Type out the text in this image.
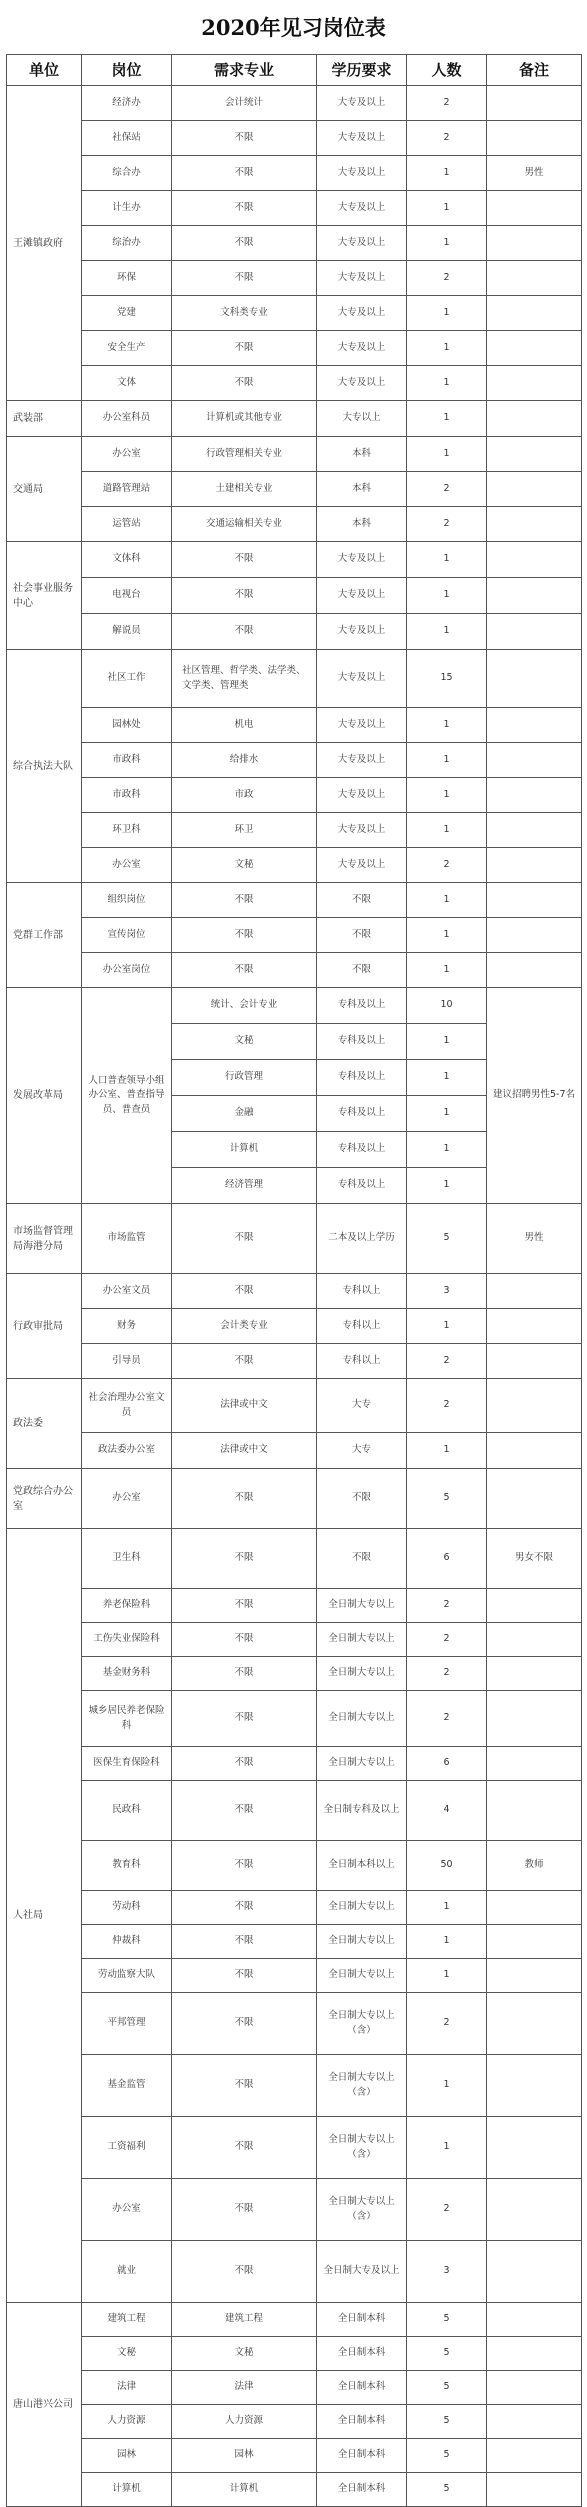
2020年见习岗位表
单位	岗位	需求专业	学历要求	人数	备注
王滩镇政府	经济办	会计统计	大专及以上	2	
	社保站	不限	大专及以上	2	
	综合办	不限	大专及以上	1	男性
	计生办	不限	大专及以上	1	
	综治办	不限	大专及以上	1	
	环保	不限	大专及以上	2	
	党建	文科类专业	大专及以上	1	
	安全生产	不限	大专及以上	1	
	文体	不限	大专及以上	1	
武装部	办公室科员	计算机或其他专业	大专以上	1	
交通局	办公室	行政管理相关专业	本科	1	
	道路管理站	土建相关专业	本科	2	
	运管站	交通运输相关专业	本科	2	
社会事业服务中心	文体科	不限	大专及以上	1	
	电视台	不限	大专及以上	1	
	解说员	不限	大专及以上	1	
综合执法大队	社区工作	社区管理、哲学类、法学类、文学类、管理类	大专及以上	15	
	园林处	机电	大专及以上	1	
	市政科	给排水	大专及以上	1	
	市政科	市政	大专及以上	1	
	环卫科	环卫	大专及以上	1	
	办公室	文秘	大专及以上	2	
党群工作部	组织岗位	不限	不限	1	
	宣传岗位	不限	不限	1	
	办公室岗位	不限	不限	1	
发展改革局	人口普查领导小组办公室、普查指导员、普查员	统计、会计专业	专科及以上	10	建议招聘男性5-7名
		文秘	专科及以上	1	
		行政管理	专科及以上	1	
		金融	专科及以上	1	
		计算机	专科及以上	1	
		经济管理	专科及以上	1	
市场监督管理局海港分局	市场监管	不限	二本及以上学历	5	男性
行政审批局	办公室文员	不限	专科以上	3	
	财务	会计类专业	专科以上	1	
	引导员	不限	专科以上	2	
政法委	社会治理办公室文员	法律或中文	大专	2	
	政法委办公室	法律或中文	大专	1	
党政综合办公室	办公室	不限	不限	5	
人社局	卫生科	不限	不限	6	男女不限
	养老保险科	不限	全日制大专以上	2	
	工伤失业保险科	不限	全日制大专以上	2	
	基金财务科	不限	全日制大专以上	2	
	城乡居民养老保险科	不限	全日制大专以上	2	
	医保生育保险科	不限	全日制大专以上	6	
	民政科	不限	全日制专科及以上	4	
	教育科	不限	全日制本科以上	50	教师
	劳动科	不限	全日制大专以上	1	
	仲裁科	不限	全日制大专以上	1	
	劳动监察大队	不限	全日制大专以上	1	
	平邦管理	不限	全日制大专以上（含）	2	
	基金监管	不限	全日制大专以上（含）	1	
	工资福利	不限	全日制大专以上（含）	1	
	办公室	不限	全日制大专以上（含）	2	
	就业	不限	全日制大专及以上	3	
唐山港兴公司	建筑工程	建筑工程	全日制本科	5	
	文秘	文秘	全日制本科	5	
	法律	法律	全日制本科	5	
	人力资源	人力资源	全日制本科	5	
	园林	园林	全日制本科	5	
	计算机	计算机	全日制本科	5	
